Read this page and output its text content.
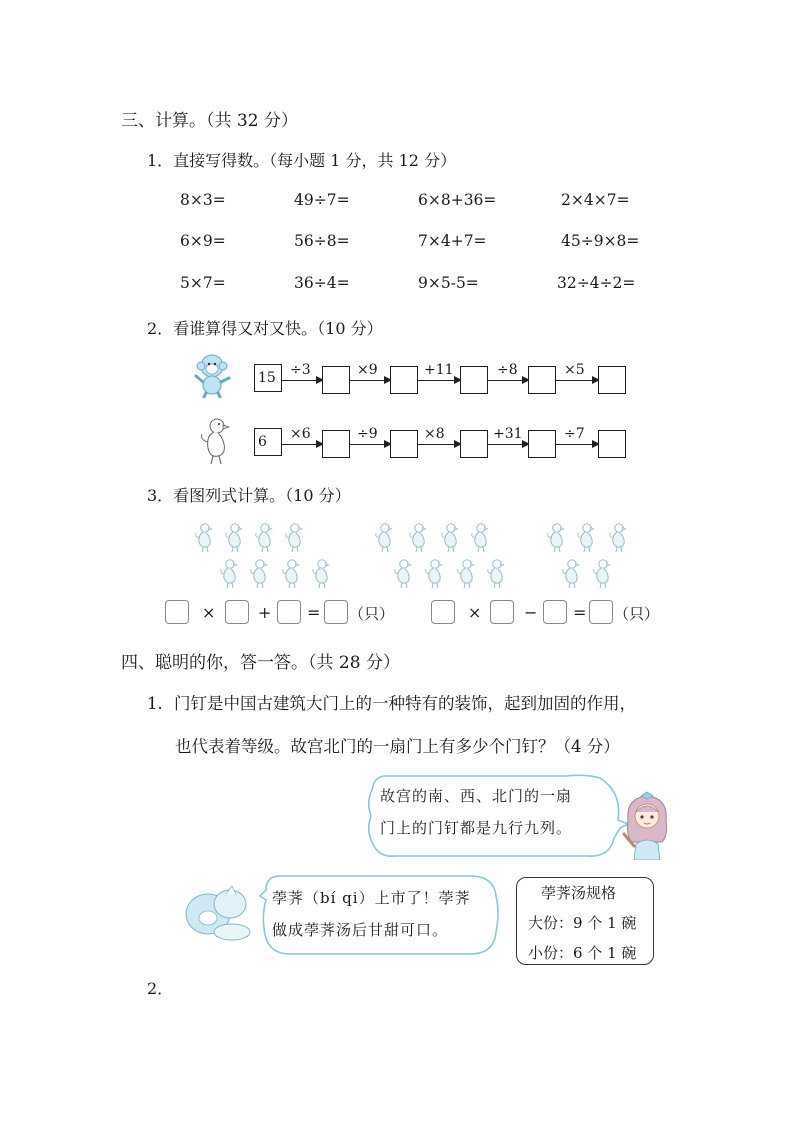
三、计算。（共 32 分）
1．直接写得数。（每小题 1 分，共 12 分）
8×3=	49÷7=	6×8+36=	2×4×7=
6×9=	56÷8=	7×4+7=	45÷9×8=
5×7=	36÷4=	9×5-5=	32÷4÷2=
2．看谁算得又对又快。（10 分）
15 ÷3	×9	+11	÷8	×5
6 ×6	÷9	×8	+31	÷7
3．看图列式计算。（10 分）
×	+ = （只）	×	− = （只）
四、聪明的你，答一答。（共 28 分）
1．门钉是中国古建筑大门上的一种特有的装饰，起到加固的作用，
也代表着等级。故宫北门的一扇门上有多少个门钉？（4 分）
故宫的南、西、北门的一扇
门上的门钉都是九行九列。
荸荠（bí qi）上市了！荸荠
做成荸荠汤后甘甜可口。
荸荠汤规格
大份：9 个 1 碗
小份：6 个 1 碗
2．
